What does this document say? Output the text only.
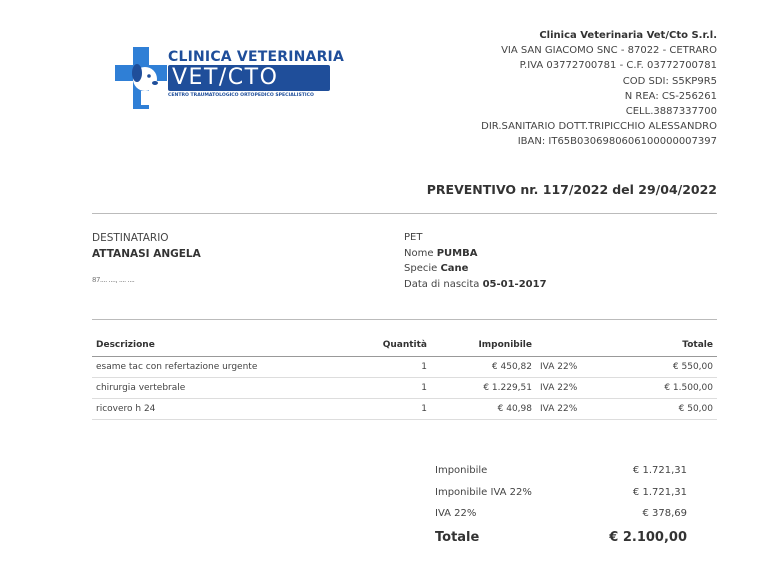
CLINICA VETERINARIA
VET/CTO
CENTRO TRAUMATOLOGICO ORTOPEDICO SPECIALISTICO
Clinica Veterinaria Vet/Cto S.r.l.
VIA SAN GIACOMO SNC - 87022 - CETRARO
P.IVA 03772700781 - C.F. 03772700781
COD SDI: S5KP9R5
N REA: CS-256261
CELL.3887337700
DIR.SANITARIO DOTT.TRIPICCHIO ALESSANDRO
IBAN: IT65B0306980606100000007397
PREVENTIVO nr. 117/2022 del 29/04/2022
DESTINATARIO
ATTANASI ANGELA
87.... ...., .... ....
PET
Nome PUMBA
Specie Cane
Data di nascita 05-01-2017
Descrizione	Quantità	Imponibile		Totale
esame tac con refertazione urgente	1	€ 450,82	IVA 22%	€ 550,00
chirurgia vertebrale	1	€ 1.229,51	IVA 22%	€ 1.500,00
ricovero h 24	1	€ 40,98	IVA 22%	€ 50,00
Imponibile	€ 1.721,31
Imponibile IVA 22%	€ 1.721,31
IVA 22%	€ 378,69
Totale	€ 2.100,00
